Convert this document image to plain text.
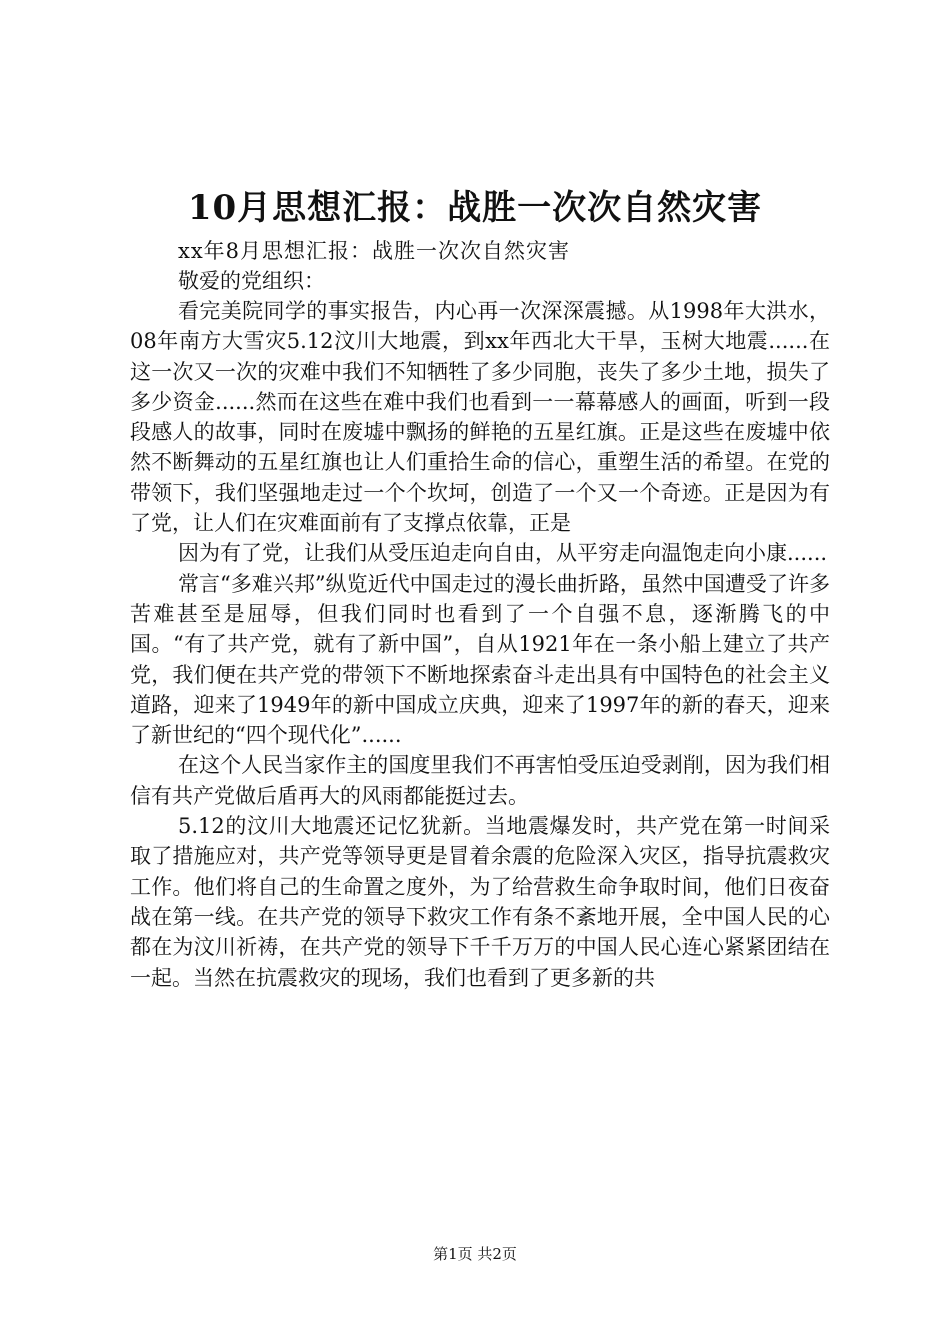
10月思想汇报：战胜一次次自然灾害

xx年8月思想汇报：战胜一次次自然灾害

敬爱的党组织：

看完美院同学的事实报告，内心再一次深深震撼。从1998年大洪水，08年南方大雪灾5.12汶川大地震，到xx年西北大干旱，玉树大地震......在这一次又一次的灾难中我们不知牺牲了多少同胞，丧失了多少土地，损失了多少资金......然而在这些在难中我们也看到一一幕幕感人的画面，听到一段段感人的故事，同时在废墟中飘扬的鲜艳的五星红旗。正是这些在废墟中依然不断舞动的五星红旗也让人们重拾生命的信心，重塑生活的希望。在党的带领下，我们坚强地走过一个个坎坷，创造了一个又一个奇迹。正是因为有了党，让人们在灾难面前有了支撑点依靠，正是

因为有了党，让我们从受压迫走向自由，从平穷走向温饱走向小康......

常言“多难兴邦”纵览近代中国走过的漫长曲折路，虽然中国遭受了许多苦难甚至是屈辱，但我们同时也看到了一个自强不息，逐渐腾飞的中国。“有了共产党，就有了新中国”，自从1921年在一条小船上建立了共产党，我们便在共产党的带领下不断地探索奋斗走出具有中国特色的社会主义道路，迎来了1949年的新中国成立庆典，迎来了1997年的新的春天，迎来了新世纪的“四个现代化”......

在这个人民当家作主的国度里我们不再害怕受压迫受剥削，因为我们相信有共产党做后盾再大的风雨都能挺过去。

5.12的汶川大地震还记忆犹新。当地震爆发时，共产党在第一时间采取了措施应对，共产党等领导更是冒着余震的危险深入灾区，指导抗震救灾工作。他们将自己的生命置之度外，为了给营救生命争取时间，他们日夜奋战在第一线。在共产党的领导下救灾工作有条不紊地开展，全中国人民的心都在为汶川祈祷，在共产党的领导下千千万万的中国人民心连心紧紧团结在一起。当然在抗震救灾的现场，我们也看到了更多新的共

第1页 共2页
